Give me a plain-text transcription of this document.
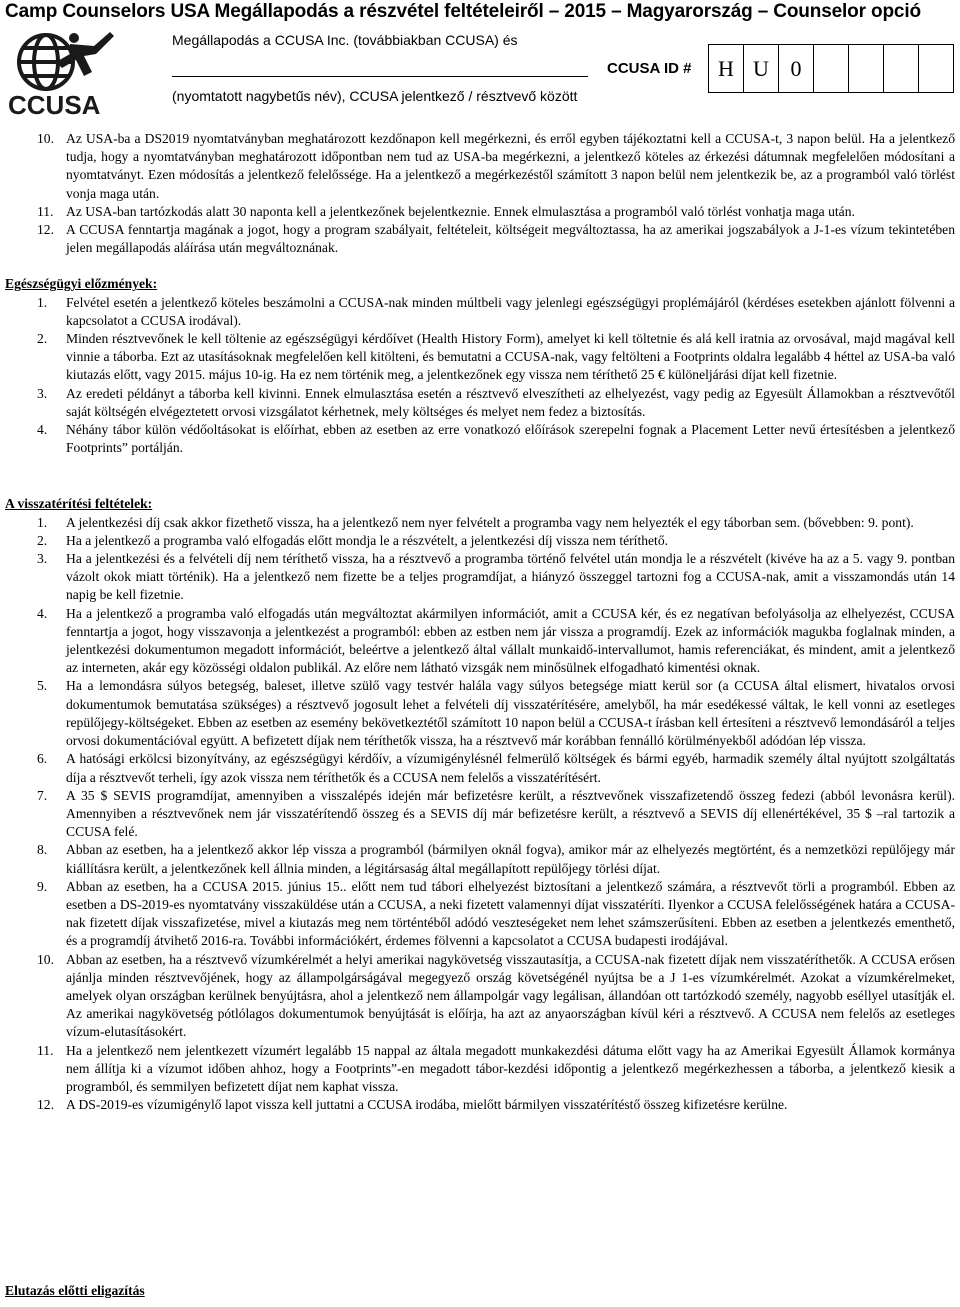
Camp Counselors USA Megállapodás a részvétel feltételeiről – 2015 – Magyarország – Counselor opció
CCUSA
Megállapodás a CCUSA Inc. (továbbiakban CCUSA) és
(nyomtatott nagybetűs név), CCUSA jelentkező / résztvevő között
CCUSA ID #	H U 0
10. Az USA-ba a DS2019 nyomtatványban meghatározott kezdőnapon kell megérkezni, és erről egyben tájékoztatni kell a CCUSA-t, 3 napon belül. Ha a jelentkező tudja, hogy a nyomtatványban meghatározott időpontban nem tud az USA-ba megérkezni, a jelentkező köteles az érkezési dátumnak megfelelően módosítani a nyomtatványt. Ezen módosítás a jelentkező felelőssége. Ha a jelentkező a megérkezéstől számított 3 napon belül nem jelentkezik be, az a programból való törlést vonja maga után.
11. Az USA-ban tartózkodás alatt 30 naponta kell a jelentkezőnek bejelentkeznie. Ennek elmulasztása a programból való törlést vonhatja maga után.
12. A CCUSA fenntartja magának a jogot, hogy a program szabályait, feltételeit, költségeit megváltoztassa, ha az amerikai jogszabályok a J-1-es vízum tekintetében jelen megállapodás aláírása után megváltoznának.
Egészségügyi előzmények:
1.	Felvétel esetén a jelentkező köteles beszámolni a CCUSA-nak minden múltbeli vagy jelenlegi egészségügyi proplémájáról (kérdéses esetekben ajánlott fölvenni a kapcsolatot a CCUSA irodával).
2.	Minden résztvevőnek le kell töltenie az egészségügyi kérdőívet (Health History Form), amelyet ki kell töltetnie és alá kell iratnia az orvosával, majd magával kell vinnie a táborba. Ezt az utasításoknak megfelelően kell kitölteni, és bemutatni a CCUSA-nak, vagy feltölteni a Footprints oldalra legalább 4 héttel az USA-ba való kiutazás előtt, vagy 2015. május 10-ig. Ha ez nem történik meg, a jelentkezőnek egy vissza nem téríthető 25 € különeljárási díjat kell fizetnie.
3.	Az eredeti példányt a táborba kell kivinni. Ennek elmulasztása esetén a résztvevő elveszítheti az elhelyezést, vagy pedig az Egyesült Államokban a résztvevőtől saját költségén elvégeztetett orvosi vizsgálatot kérhetnek, mely költséges és melyet nem fedez a biztosítás.
4.	Néhány tábor külön védőoltásokat is előírhat, ebben az esetben az erre vonatkozó előírások szerepelni fognak a Placement Letter nevű értesítésben a jelentkező Footprints” portálján.
A visszatérítési feltételek:
1.	A jelentkezési díj csak akkor fizethető vissza, ha a jelentkező nem nyer felvételt a programba vagy nem helyezték el egy táborban sem. (bővebben: 9. pont).
2.	Ha a jelentkező a programba való elfogadás előtt mondja le a részvételt, a jelentkezési díj vissza nem téríthető.
3.	Ha a jelentkezési és a felvételi díj nem téríthető vissza, ha a résztvevő a programba történő felvétel után mondja le a részvételt (kivéve ha az a 5. vagy 9. pontban vázolt okok miatt történik). Ha a jelentkező nem fizette be a teljes programdíjat, a hiányzó összeggel tartozni fog a CCUSA-nak, amit a visszamondás után 14 napig be kell fizetnie.
4.	Ha a jelentkező a programba való elfogadás után megváltoztat akármilyen információt, amit a CCUSA kér, és ez negatívan befolyásolja az elhelyezést, CCUSA fenntartja a jogot, hogy visszavonja a jelentkezést a programból: ebben az estben nem jár vissza a programdíj. Ezek az információk magukba foglalnak minden, a jelentkezési dokumentumon megadott információt, beleértve a jelentkező által vállalt munkaidő-intervallumot, hamis referenciákat, és mindent, amit a jelentkező az interneten, akár egy közösségi oldalon publikál. Az előre nem látható vizsgák nem minősülnek elfogadható kimentési oknak.
5.	Ha a lemondásra súlyos betegség, baleset, illetve szülő vagy testvér halála vagy súlyos betegsége miatt kerül sor (a CCUSA által elismert, hivatalos orvosi dokumentumok bemutatása szükséges) a résztvevő jogosult lehet a felvételi díj visszatérítésére, amelyből, ha már esedékessé váltak, le kell vonni az esetleges repülőjegy-költségeket. Ebben az esetben az esemény bekövetkeztétől számított 10 napon belül a CCUSA-t írásban kell értesíteni a résztvevő lemondásáról a teljes orvosi dokumentációval együtt. A befizetett díjak nem téríthetők vissza, ha a résztvevő már korábban fennálló körülményekből adódóan lép vissza.
6.	A hatósági erkölcsi bizonyítvány, az egészségügyi kérdőív, a vízumigénylésnél felmerülő költségek és bármi egyéb, harmadik személy által nyújtott szolgáltatás díja a résztvevőt terheli, így azok vissza nem téríthetők és a CCUSA nem felelős a visszatérítésért.
7.	A 35 $ SEVIS programdíjat, amennyiben a visszalépés idején már befizetésre került, a résztvevőnek visszafizetendő összeg fedezi (abból levonásra kerül). Amennyiben a résztvevőnek nem jár visszatérítendő összeg és a SEVIS díj már befizetésre került, a résztvevő a SEVIS díj ellenértékével, 35 $ –ral tartozik a CCUSA felé.
8.	Abban az esetben, ha a jelentkező akkor lép vissza a programból (bármilyen oknál fogva), amikor már az elhelyezés megtörtént, és a nemzetközi repülőjegy már kiállításra került, a jelentkezőnek kell állnia minden, a légitársaság által megállapított repülőjegy törlési díjat.
9.	Abban az esetben, ha a CCUSA 2015. június 15.. előtt nem tud tábori elhelyezést biztosítani a jelentkező számára, a résztvevőt törli a programból. Ebben az esetben a DS-2019-es nyomtatvány visszaküldése után a CCUSA, a neki fizetett valamennyi díjat visszatéríti. Ilyenkor a CCUSA felelősségének határa a CCUSA-nak fizetett díjak visszafizetése, mivel a kiutazás meg nem történtéből adódó veszteségeket nem lehet számszerűsíteni. Ebben az esetben a jelentkezés ementhető, és a programdíj átvihető 2016-ra. További információkért, érdemes fölvenni a kapcsolatot a CCUSA budapesti irodájával.
10. Abban az esetben, ha a résztvevő vízumkérelmét a helyi amerikai nagykövetség visszautasítja, a CCUSA-nak fizetett díjak nem visszatéríthetők. A CCUSA erősen ajánlja minden résztvevőjének, hogy az állampolgárságával megegyező ország követségénél nyújtsa be a J 1-es vízumkérelmét. Azokat a vízumkérelmeket, amelyek olyan országban kerülnek benyújtásra, ahol a jelentkező nem állampolgár vagy legálisan, állandóan ott tartózkodó személy, nagyobb eséllyel utasítják el. Az amerikai nagykövetség pótlólagos dokumentumok benyújtását is előírja, ha azt az anyaországban kívül kéri a résztvevő. A CCUSA nem felelős az esetleges vízum-elutasításokért.
11. Ha a jelentkező nem jelentkezett vízumért legalább 15 nappal az általa megadott munkakezdési dátuma előtt vagy ha az Amerikai Egyesült Államok kormánya nem állítja ki a vízumot időben ahhoz, hogy a Footprints”-en megadott tábor-kezdési időpontig a jelentkező megérkezhessen a táborba, a jelentkező kiesik a programból, és semmilyen befizetett díjat nem kaphat vissza.
12. A DS-2019-es vízumigénylő lapot vissza kell juttatni a CCUSA irodába, mielőtt bármilyen visszatérítéstő összeg kifizetésre kerülne.
Elutazás előtti eligazítás
